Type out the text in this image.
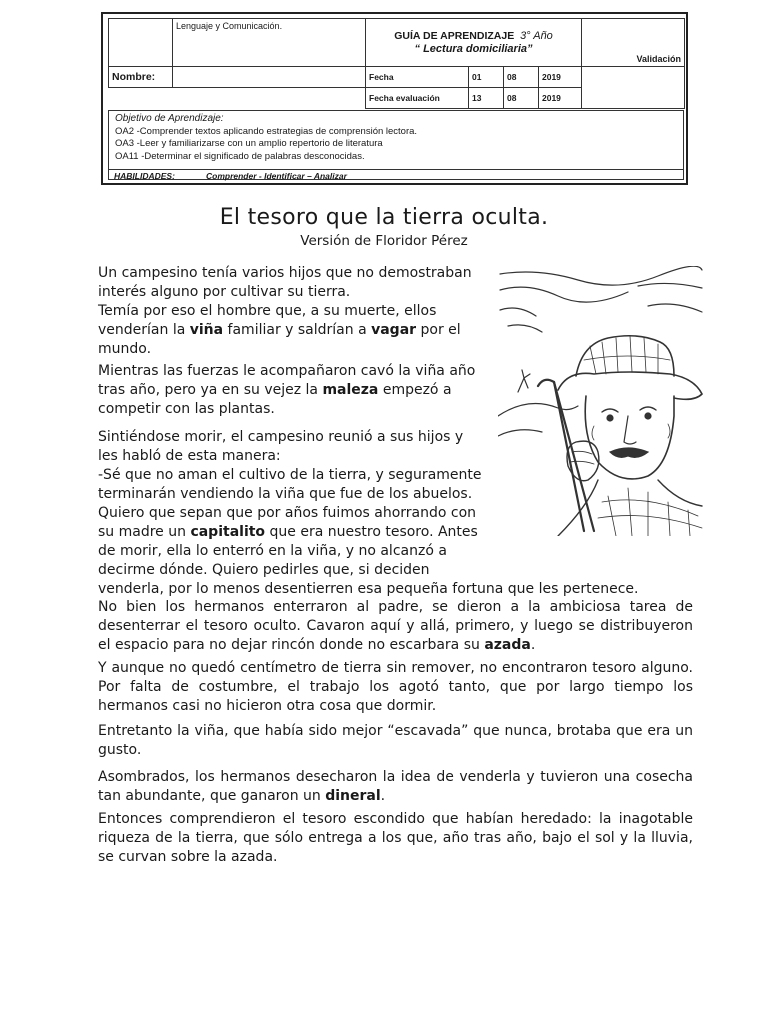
	Lenguaje y Comunicación.	GUÍA DE APRENDIZAJE 3° Año
“ Lectura domiciliaria”				Validación
Nombre:		Fecha	01	08	2019	
		Fecha evaluación	13	08	2019	
Objetivo de Aprendizaje:
OA2 -Comprender textos aplicando estrategias de comprensión lectora.
OA3 -Leer y familiarizarse con un amplio repertorio de literatura
OA11 -Determinar el significado de palabras desconocidas.
HABILIDADES:	Comprender - Identificar – Analizar
El tesoro que la tierra oculta.
Versión de Floridor Pérez

Un campesino tenía varios hijos que no demostraban

interés alguno por cultivar su tierra.

Temía por eso el hombre que, a su muerte, ellos

venderían la viña familiar y saldrían a vagar por el

mundo.

Mientras las fuerzas le acompañaron cavó la viña año

tras año, pero ya en su vejez la maleza empezó a

competir con las plantas.

Sintiéndose morir, el campesino reunió a sus hijos y

les habló de esta manera:

-Sé que no aman el cultivo de la tierra, y seguramente

terminarán vendiendo la viña que fue de los abuelos.

Quiero que sepan que por años fuimos ahorrando con

su madre un capitalito que era nuestro tesoro. Antes

de morir, ella lo enterró en la viña, y no alcanzó a

decirme dónde. Quiero pedirles que, si deciden

venderla, por lo menos desentierren esa pequeña fortuna que les pertenece.

No bien los hermanos enterraron al padre, se dieron a la ambiciosa tarea de desenterrar el tesoro oculto. Cavaron aquí y allá, primero, y luego se distribuyeron el espacio para no dejar rincón donde no escarbara su azada.

Y aunque no quedó centímetro de tierra sin remover, no encontraron tesoro alguno. Por falta de costumbre, el trabajo los agotó tanto, que por largo tiempo los hermanos casi no hicieron otra cosa que dormir.

Entretanto la viña, que había sido mejor “escavada” que nunca, brotaba que era un gusto.

Asombrados, los hermanos desecharon la idea de venderla y tuvieron una cosecha tan abundante, que ganaron un dineral.

Entonces comprendieron el tesoro escondido que habían heredado: la inagotable riqueza de la tierra, que sólo entrega a los que, año tras año, bajo el sol y la lluvia, se curvan sobre la azada.
